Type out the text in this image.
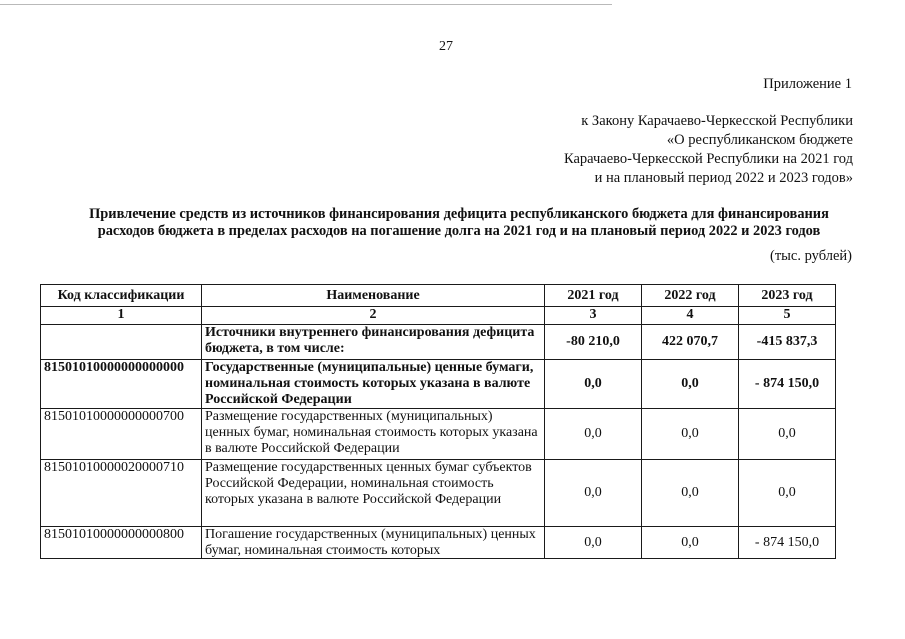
27
Приложение 1
к Закону Карачаево-Черкесской Республики
«О республиканском бюджете
Карачаево-Черкесской Республики на 2021 год
и на плановый период 2022 и 2023 годов»
Привлечение средств из источников финансирования дефицита республиканского бюджета для финансирования
расходов бюджета в пределах расходов на погашение долга на 2021 год и на плановый период 2022 и 2023 годов
(тыс. рублей)
Код классификации	Наименование	2021 год	2022 год	2023 год
1	2	3	4	5
	Источники внутреннего финансирования дефицита бюджета, в том числе:	-80 210,0	422 070,7	-415 837,3
81501010000000000000	Государственные (муниципальные) ценные бумаги, номинальная стоимость которых указана в валюте Российской Федерации	0,0	0,0	- 874 150,0
81501010000000000700	Размещение государственных (муниципальных) ценных бумаг, номинальная стоимость которых указана в валюте Российской Федерации	0,0	0,0	0,0
81501010000020000710	Размещение государственных ценных бумаг субъектов Российской Федерации, номинальная стоимость которых указана в валюте Российской Федерации	0,0	0,0	0,0
81501010000000000800	Погашение государственных (муниципальных) ценных бумаг, номинальная стоимость которых	0,0	0,0	- 874 150,0
